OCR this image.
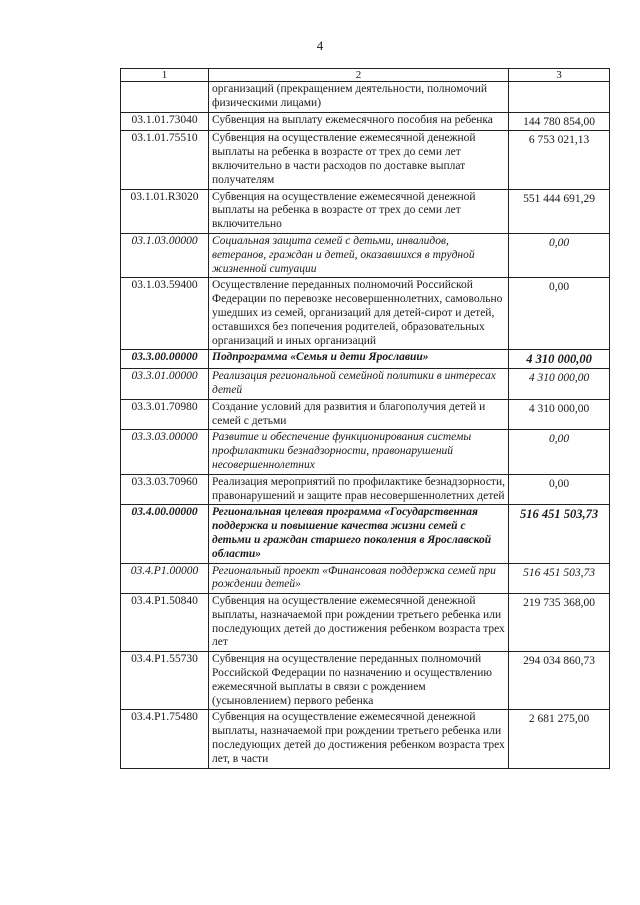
4
1	2	3
	организаций (прекращением деятельности, полномочий физическими лицами)	
03.1.01.73040	Субвенция на выплату ежемесячного пособия на ребенка	144 780 854,00
03.1.01.75510	Субвенция на осуществление ежемесячной денежной выплаты на ребенка в возрасте от трех до семи лет включительно в части расходов по доставке выплат получателям	6 753 021,13
03.1.01.R3020	Субвенция на осуществление ежемесячной денежной выплаты на ребенка в возрасте от трех до семи лет включительно	551 444 691,29
03.1.03.00000	Социальная защита семей с детьми, инвалидов, ветеранов, граждан и детей, оказавшихся в трудной жизненной ситуации	0,00
03.1.03.59400	Осуществление переданных полномочий Российской Федерации по перевозке несовершеннолетних, самовольно ушедших из семей, организаций для детей-сирот и детей, оставшихся без попечения родителей, образовательных организаций и иных организаций	0,00
03.3.00.00000	Подпрограмма «Семья и дети Ярославии»	4 310 000,00
03.3.01.00000	Реализация региональной семейной политики в интересах детей	4 310 000,00
03.3.01.70980	Создание условий для развития и благополучия детей и семей с детьми	4 310 000,00
03.3.03.00000	Развитие и обеспечение функционирования системы профилактики безнадзорности, правонарушений несовершеннолетних	0,00
03.3.03.70960	Реализация мероприятий по профилактике безнадзорности, правонарушений и защите прав несовершеннолетних детей	0,00
03.4.00.00000	Региональная целевая программа «Государственная поддержка и повышение качества жизни семей с детьми и граждан старшего поколения в Ярославской области»	516 451 503,73
03.4.P1.00000	Региональный проект «Финансовая поддержка семей при рождении детей»	516 451 503,73
03.4.P1.50840	Субвенция на осуществление ежемесячной денежной выплаты, назначаемой при рождении третьего ребенка или последующих детей до достижения ребенком возраста трех лет	219 735 368,00
03.4.P1.55730	Субвенция на осуществление переданных полномочий Российской Федерации по назначению и осуществлению ежемесячной выплаты в связи с рождением (усыновлением) первого ребенка	294 034 860,73
03.4.P1.75480	Субвенция на осуществление ежемесячной денежной выплаты, назначаемой при рождении третьего ребенка или последующих детей до достижения ребенком возраста трех лет, в части	2 681 275,00
